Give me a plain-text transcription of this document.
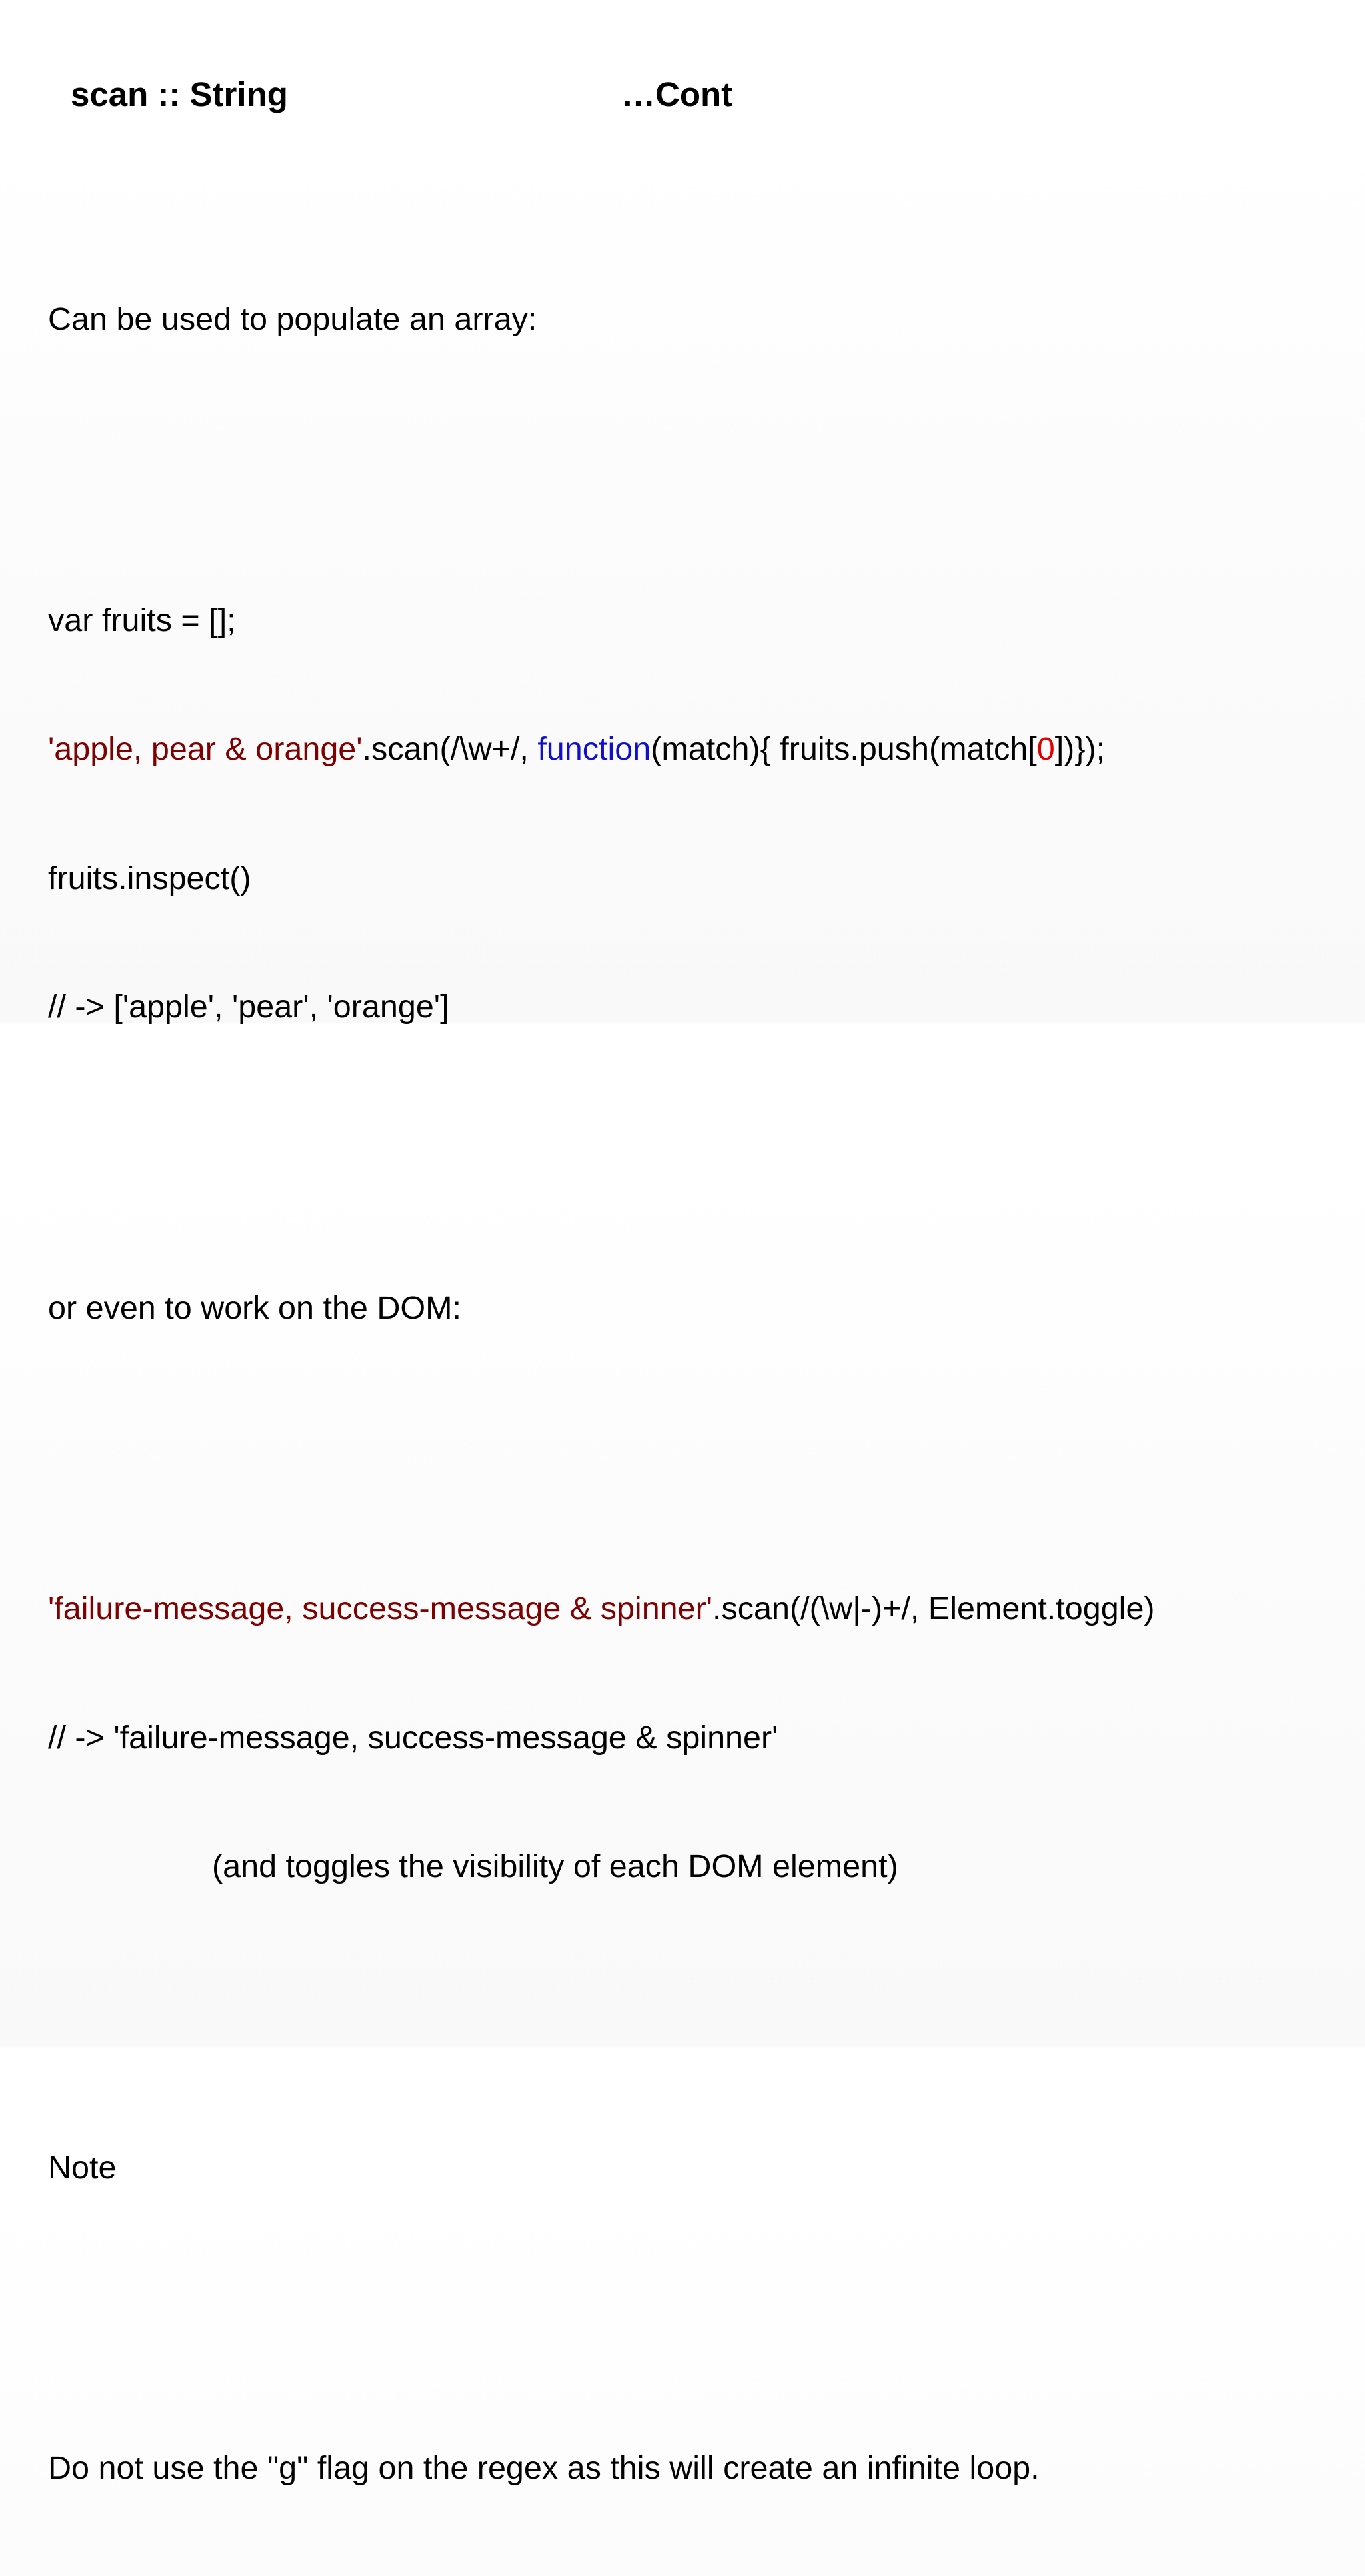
scan :: String	…Cont

Can be used to populate an array:

var fruits = [];

'apple, pear & orange'.scan(/\w+/, function(match){ fruits.push(match[0])});

fruits.inspect()

// -> ['apple', 'pear', 'orange']

or even to work on the DOM:

'failure-message, success-message & spinner'.scan(/(\w|-)+/, Element.toggle)

// -> 'failure-message, success-message & spinner'

(and toggles the visibility of each DOM element)

Note

Do not use the "g" flag on the regex as this will create an infinite loop.
